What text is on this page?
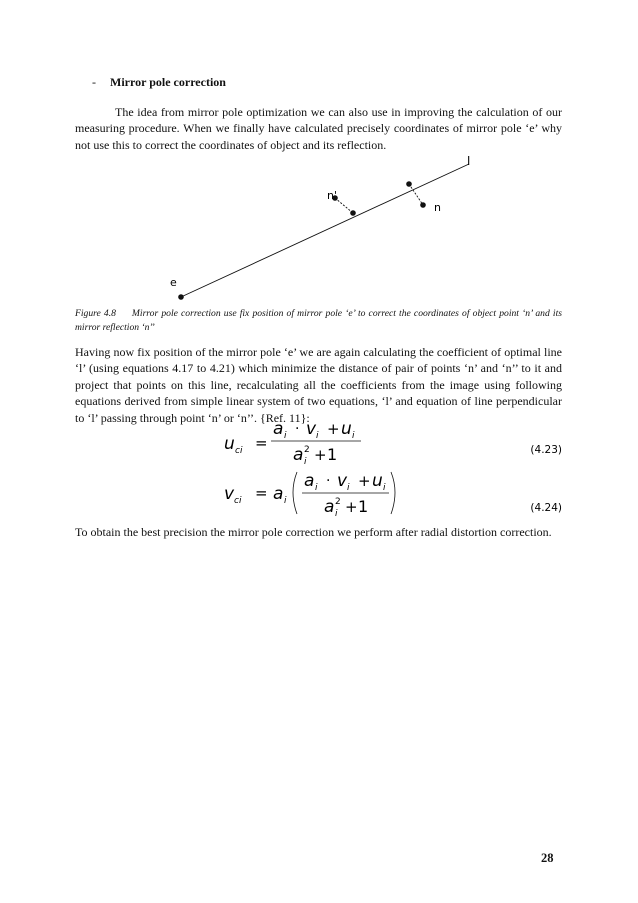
- Mirror pole correction
The idea from mirror pole optimization we can also use in improving the calculation of our measuring procedure. When we finally have calculated precisely coordinates of mirror pole ‘e’ why not use this to correct the coordinates of object and its reflection.
e
l
n
n'
Figure 4.8 Mirror pole correction use fix position of mirror pole ‘e’ to correct the coordinates of object point ‘n’ and its mirror reflection ‘n’’
Having now fix position of the mirror pole ‘e’ we are again calculating the coefficient of optimal line ‘l’ (using equations 4.17 to 4.21) which minimize the distance of pair of points ‘n’ and ‘n’’ to it and project that points on this line, recalculating all the coefficients from the image using following equations derived from simple linear system of two equations, ‘l’ and equation of line perpendicular to ‘l’ passing through point ‘n’ or ‘n’’. {Ref. 11}:
u ci =
a i · v i + u i
a 2
i + 1	(4.23)
v ci = a i
a i · v i + u i
a 2
i + 1	(4.24)
To obtain the best precision the mirror pole correction we perform after radial distortion correction.
28
